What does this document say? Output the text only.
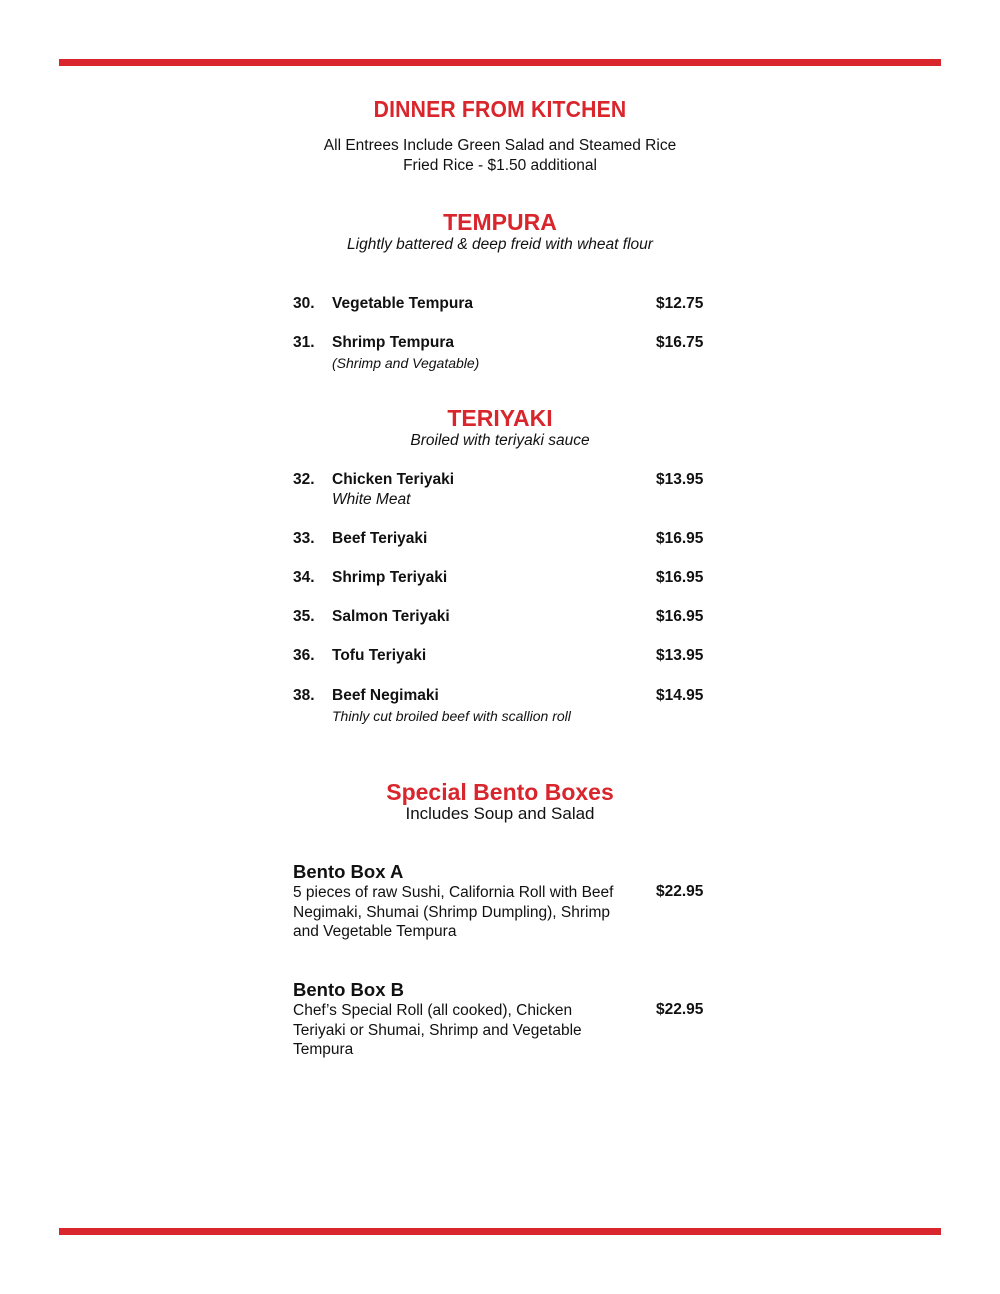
DINNER FROM KITCHEN
All Entrees Include Green Salad and Steamed Rice
Fried Rice - $1.50 additional
TEMPURA
Lightly battered & deep freid with wheat flour
30. Vegetable Tempura	$12.75
31. Shrimp Tempura	$16.75
(Shrimp and Vegatable)
TERIYAKI
Broiled with teriyaki sauce
32. Chicken Teriyaki	$13.95
White Meat
33. Beef Teriyaki	$16.95
34. Shrimp Teriyaki	$16.95
35. Salmon Teriyaki	$16.95
36. Tofu Teriyaki	$13.95
38. Beef Negimaki	$14.95
Thinly cut broiled beef with scallion roll
Special Bento Boxes
Includes Soup and Salad
Bento Box A
5 pieces of raw Sushi, California Roll with Beef Negimaki, Shumai (Shrimp Dumpling), Shrimp and Vegetable Tempura
$22.95
Bento Box B
Chef’s Special Roll (all cooked), Chicken Teriyaki or Shumai, Shrimp and Vegetable Tempura
$22.95
